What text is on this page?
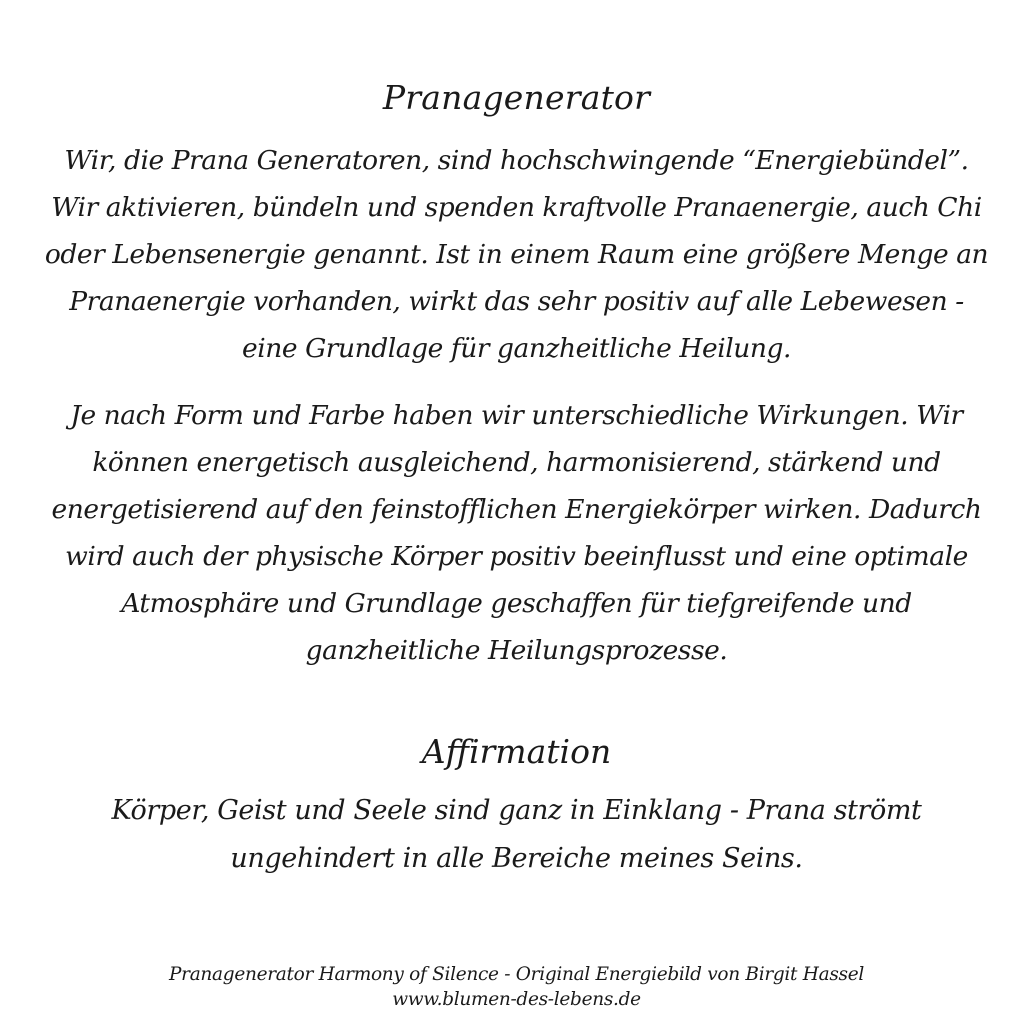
Pranagenerator
Wir, die Prana Generatoren, sind hochschwingende “Energiebündel”.
Wir aktivieren, bündeln und spenden kraftvolle Pranaenergie, auch Chi
oder Lebensenergie genannt. Ist in einem Raum eine größere Menge an
Pranaenergie vorhanden, wirkt das sehr positiv auf alle Lebewesen -
eine Grundlage für ganzheitliche Heilung.
Je nach Form und Farbe haben wir unterschiedliche Wirkungen. Wir
können energetisch ausgleichend, harmonisierend, stärkend und
energetisierend auf den feinstofflichen Energiekörper wirken. Dadurch
wird auch der physische Körper positiv beeinflusst und eine optimale
Atmosphäre und Grundlage geschaffen für tiefgreifende und
ganzheitliche Heilungsprozesse.
Affirmation
Körper, Geist und Seele sind ganz in Einklang - Prana strömt
ungehindert in alle Bereiche meines Seins.
Pranagenerator Harmony of Silence - Original Energiebild von Birgit Hassel
www.blumen-des-lebens.de
